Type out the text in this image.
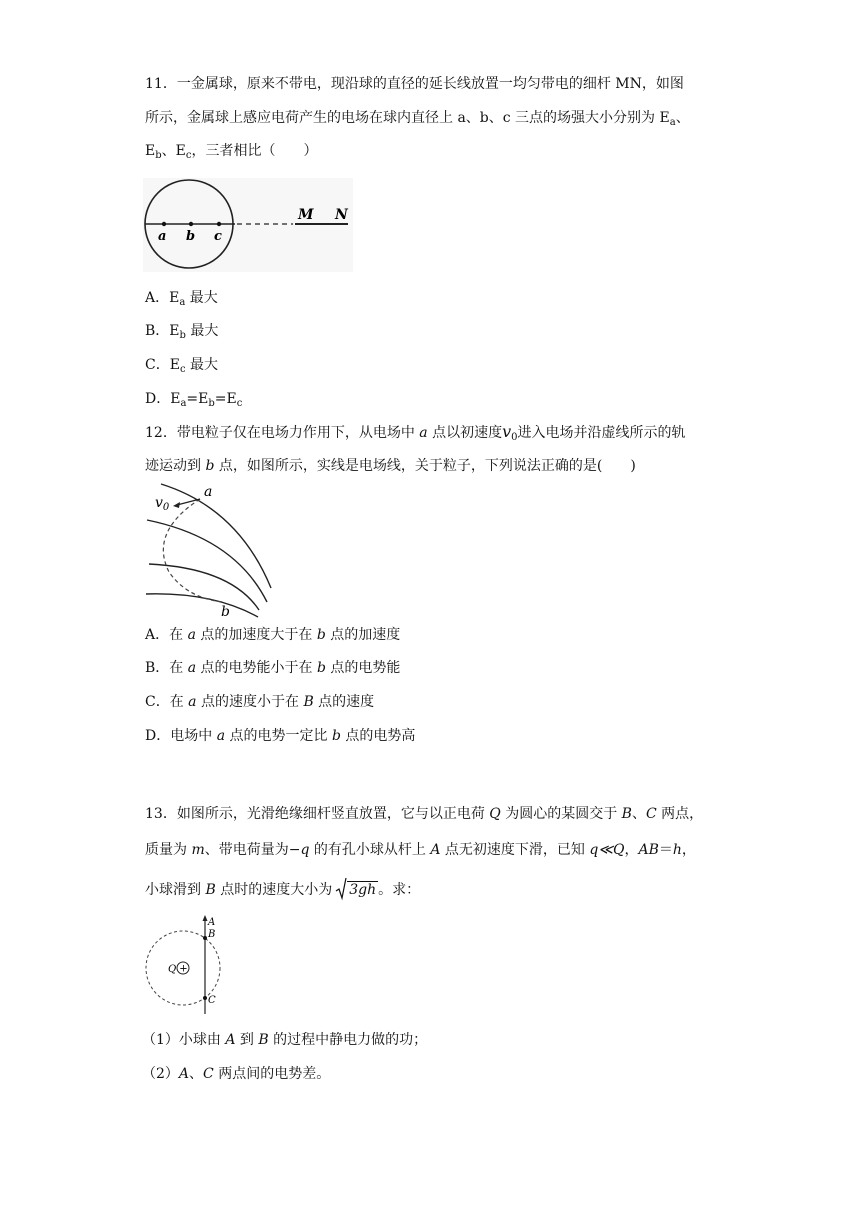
11．一金属球，原来不带电，现沿球的直径的延长线放置一均匀带电的细杆 MN，如图
所示，金属球上感应电荷产生的电场在球内直径上 a、b、c 三点的场强大小分别为 $E_a$、
$E_b$、$E_c$，三者相比（　　）
a b c
M N
A．$E_a$ 最大
B．$E_b$ 最大
C．$E_c$ 最大
D．$E_a=E_b=E_c$
12．带电粒子仅在电场力作用下，从电场中 a 点以初速度$v_0$进入电场并沿虚线所示的轨
迹运动到 b 点，如图所示，实线是电场线，关于粒子，下列说法正确的是(　　)
$v_0$
a
b
A．在 a 点的加速度大于在 b 点的加速度
B．在 a 点的电势能小于在 b 点的电势能
C．在 a 点的速度小于在 B 点的速度
D．电场中 a 点的电势一定比 b 点的电势高
13．如图所示，光滑绝缘细杆竖直放置，它与以正电荷 Q 为圆心的某圆交于 B、C 两点，
质量为 m、带电荷量为−q 的有孔小球从杆上 A 点无初速度下滑，已知 q≪Q，AB＝h，
小球滑到 B 点时的速度大小为 3gh 。求：
+
Q
A
B
C
（1）小球由 A 到 B 的过程中静电力做的功；
（2）A、C 两点间的电势差。
